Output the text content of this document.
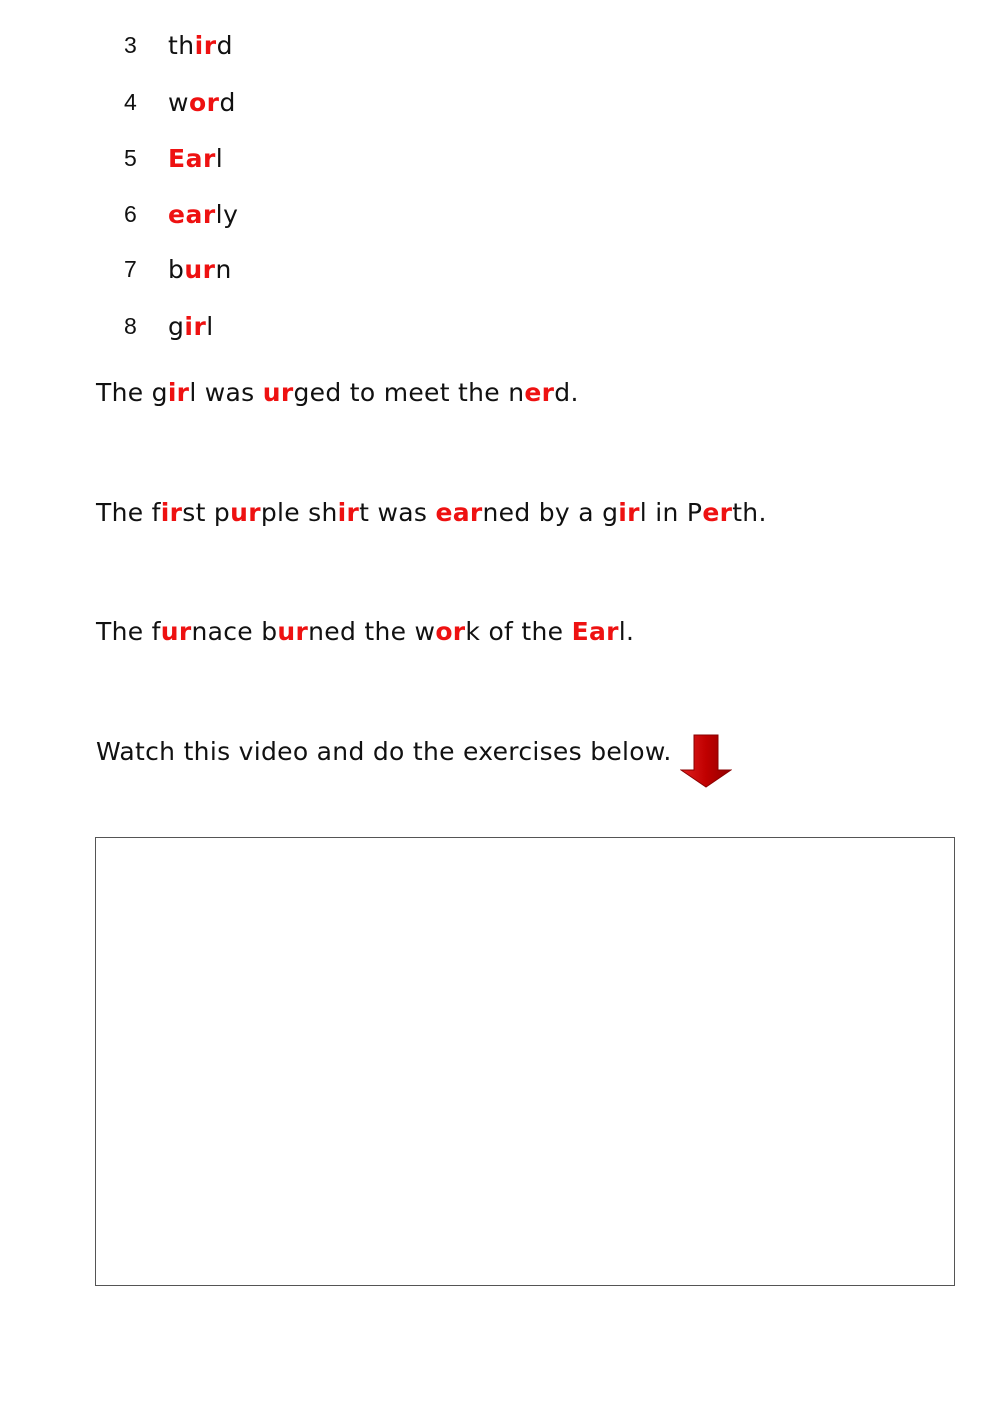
3	third
4	word
5	Earl
6	early
7	burn
8	girl
The girl was urged to meet the nerd.
The first purple shirt was earned by a girl in Perth.
The furnace burned the work of the Earl.
Watch this video and do the exercises below.
